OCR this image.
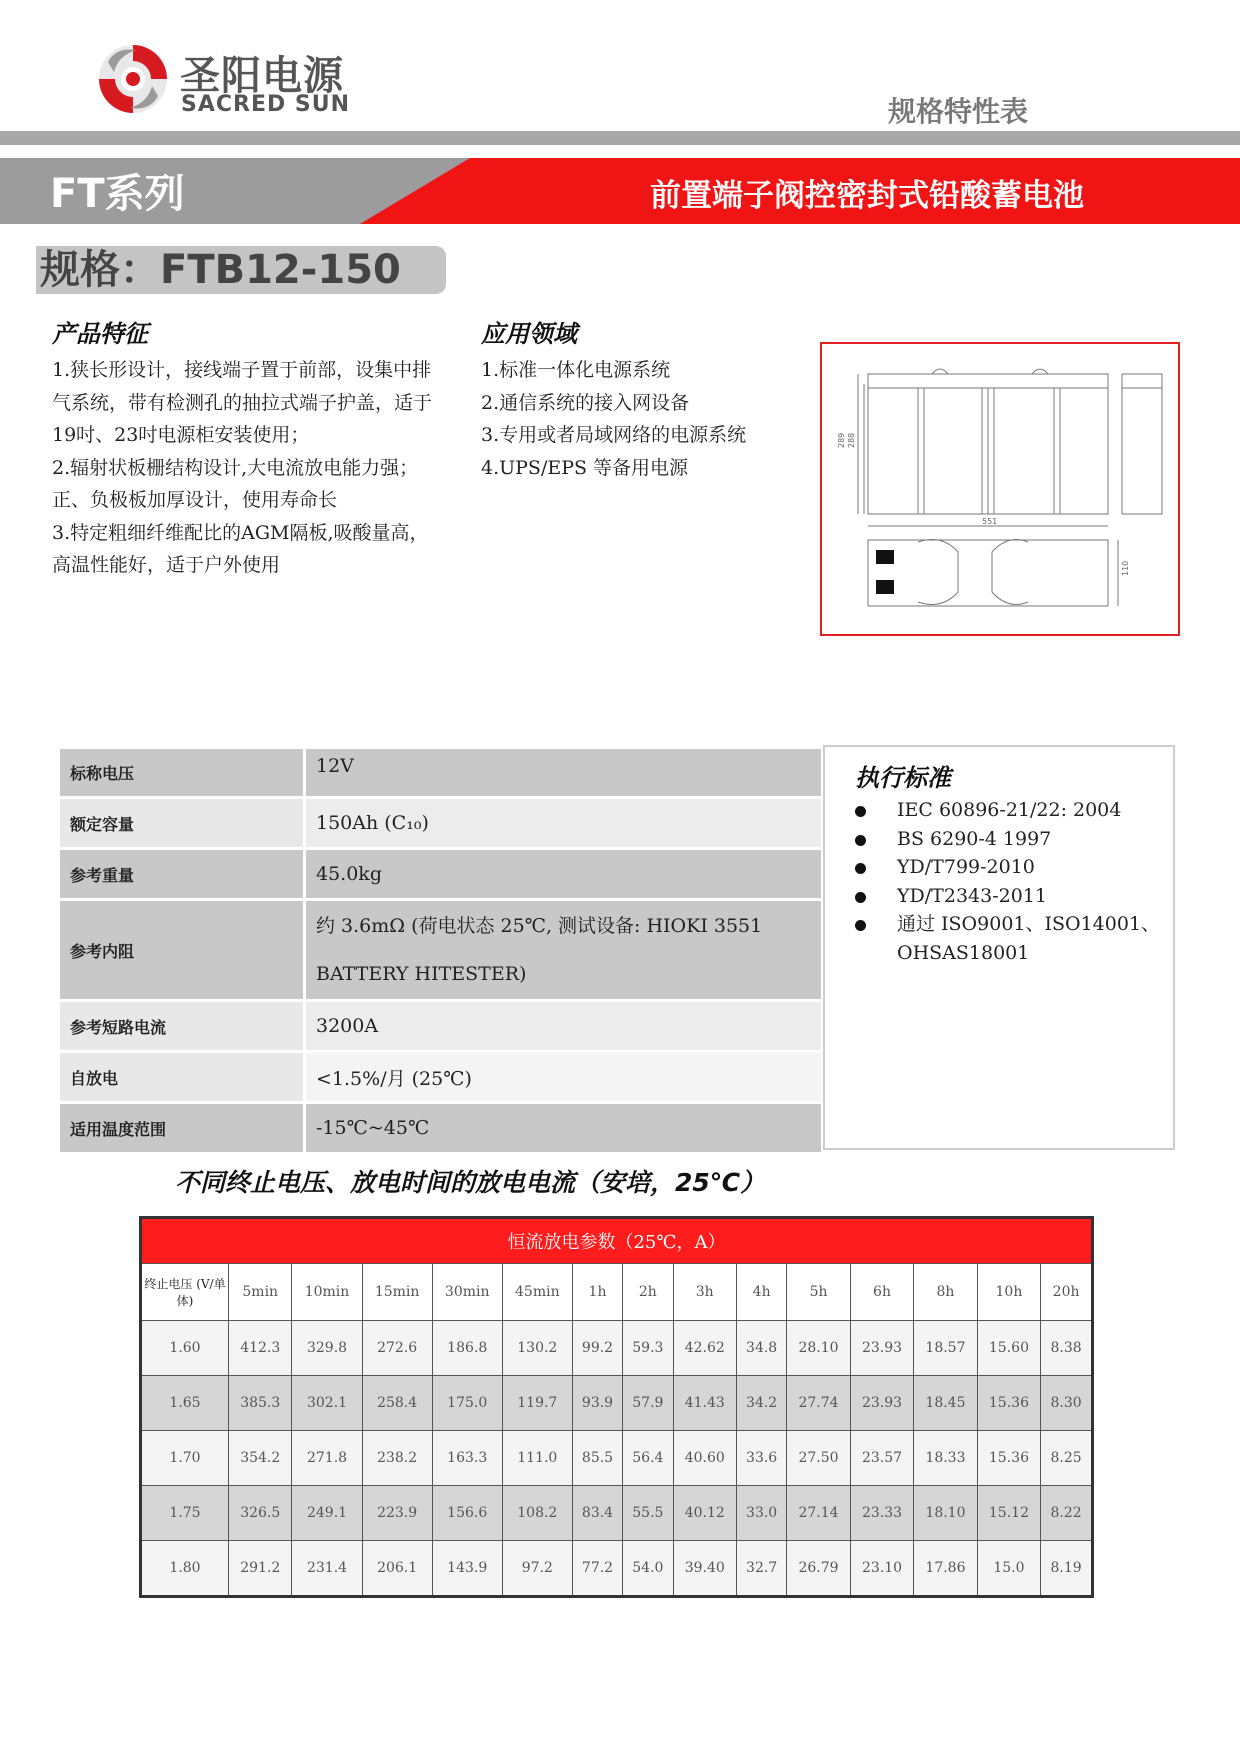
圣阳电源
SACRED SUN	规格特性表
FT系列	前置端子阀控密封式铅酸蓄电池
规格：FTB12-150
产品特征
1.狭长形设计，接线端子置于前部，设集中排气系统，带有检测孔的抽拉式端子护盖，适于19吋、23吋电源柜安装使用；
2.辐射状板栅结构设计,大电流放电能力强；正、负极板加厚设计，使用寿命长
3.特定粗细纤维配比的AGM隔板,吸酸量高，高温性能好，适于户外使用
应用领域
1.标准一体化电源系统
2.通信系统的接入网设备
3.专用或者局域网络的电源系统
4.UPS/EPS 等备用电源
289 288
551
110
标称电压	12V
额定容量	150Ah (C₁₀)
参考重量	45.0kg
参考内阻	约 3.6mΩ (荷电状态 25℃, 测试设备: HIOKI 3551 BATTERY HITESTER)
参考短路电流	3200A
自放电	<1.5%/月 (25℃)
适用温度范围	-15℃~45℃
执行标准
IEC 60896-21/22: 2004
BS 6290-4 1997
YD/T799-2010
YD/T2343-2011
通过 ISO9001、ISO14001、OHSAS18001
不同终止电压、放电时间的放电电流（安培，25℃）
恒流放电参数（25℃，A）														
终止电压 (V/单体)	5min	10min	15min	30min	45min	1h	2h	3h	4h	5h	6h	8h	10h	20h
1.60	412.3	329.8	272.6	186.8	130.2	99.2	59.3	42.62	34.8	28.10	23.93	18.57	15.60	8.38
1.65	385.3	302.1	258.4	175.0	119.7	93.9	57.9	41.43	34.2	27.74	23.93	18.45	15.36	8.30
1.70	354.2	271.8	238.2	163.3	111.0	85.5	56.4	40.60	33.6	27.50	23.57	18.33	15.36	8.25
1.75	326.5	249.1	223.9	156.6	108.2	83.4	55.5	40.12	33.0	27.14	23.33	18.10	15.12	8.22
1.80	291.2	231.4	206.1	143.9	97.2	77.2	54.0	39.40	32.7	26.79	23.10	17.86	15.0	8.19
